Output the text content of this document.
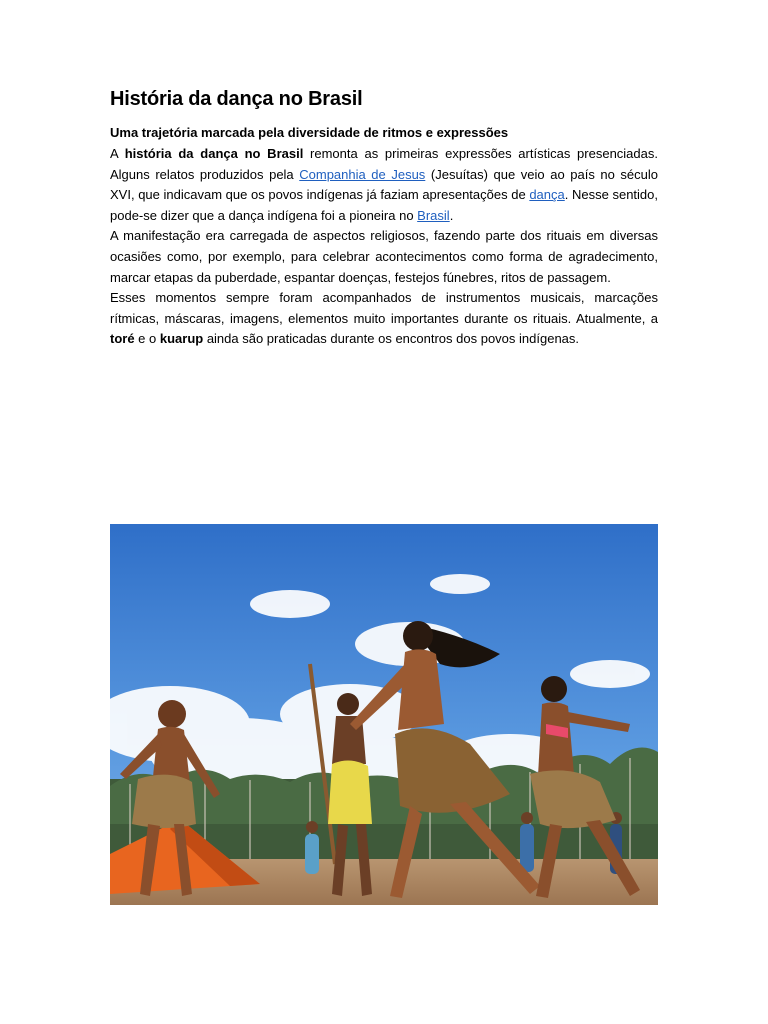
História da dança no Brasil
Uma trajetória marcada pela diversidade de ritmos e expressões

A história da dança no Brasil remonta as primeiras expressões artísticas presenciadas. Alguns relatos produzidos pela Companhia de Jesus (Jesuítas) que veio ao país no século XVI, que indicavam que os povos indígenas já faziam apresentações de dança. Nesse sentido, pode-se dizer que a dança indígena foi a pioneira no Brasil.

A manifestação era carregada de aspectos religiosos, fazendo parte dos rituais em diversas ocasiões como, por exemplo, para celebrar acontecimentos como forma de agradecimento, marcar etapas da puberdade, espantar doenças, festejos fúnebres, ritos de passagem.

Esses momentos sempre foram acompanhados de instrumentos musicais, marcações rítmicas, máscaras, imagens, elementos muito importantes durante os rituais. Atualmente, a toré e o kuarup ainda são praticadas durante os encontros dos povos indígenas.
